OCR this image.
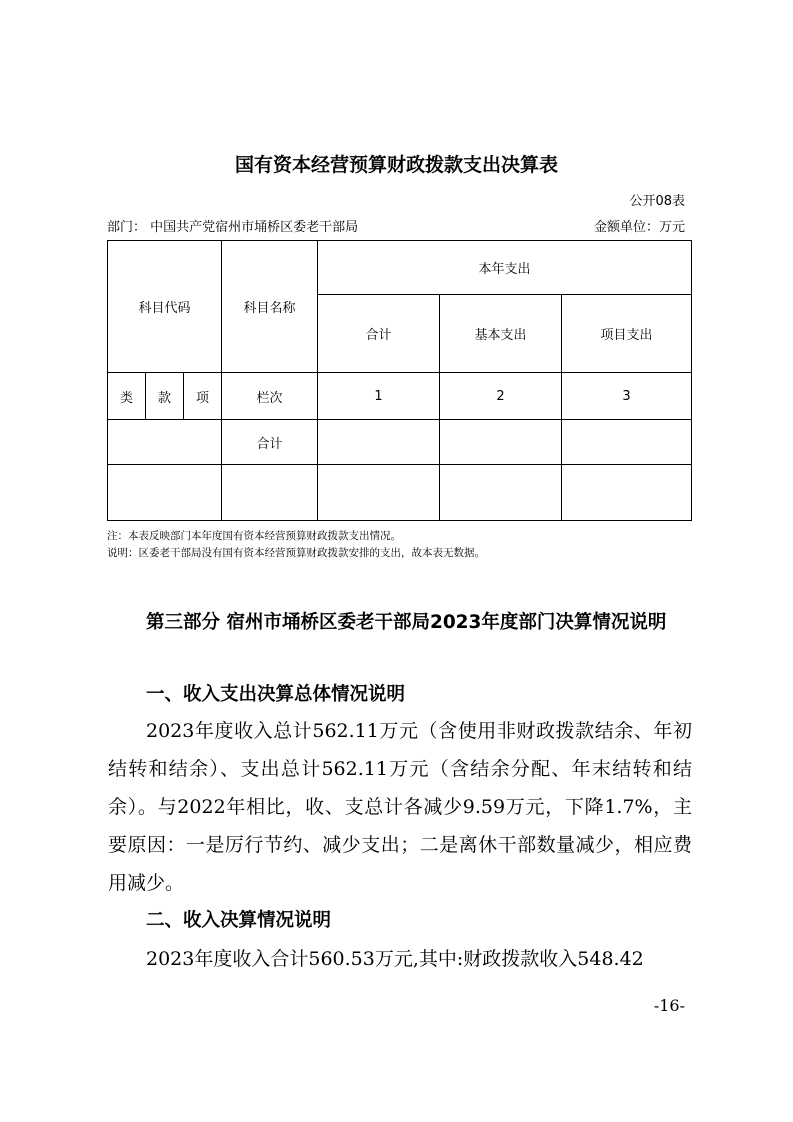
国有资本经营预算财政拨款支出决算表
公开08表
部门： 中国共产党宿州市埇桥区委老干部局	金额单位：万元
科目代码			科目名称	本年支出		
				合计	基本支出	项目支出
类	款	项	栏次	1	2	3
			合计			

注：本表反映部门本年度国有资本经营预算财政拨款支出情况。
说明：区委老干部局没有国有资本经营预算财政拨款安排的支出，故本表无数据。
第三部分 宿州市埇桥区委老干部局2023年度部门决算情况说明
一、收入支出决算总体情况说明
2023年度收入总计562.11万元（含使用非财政拨款结余、年初结转和结余）、支出总计562.11万元（含结余分配、年末结转和结余）。与2022年相比，收、支总计各减少9.59万元，下降1.7%，主要原因：一是厉行节约、减少支出；二是离休干部数量减少，相应费用减少。
二、收入决算情况说明
2023年度收入合计560.53万元,其中:财政拨款收入548.42
-16-
